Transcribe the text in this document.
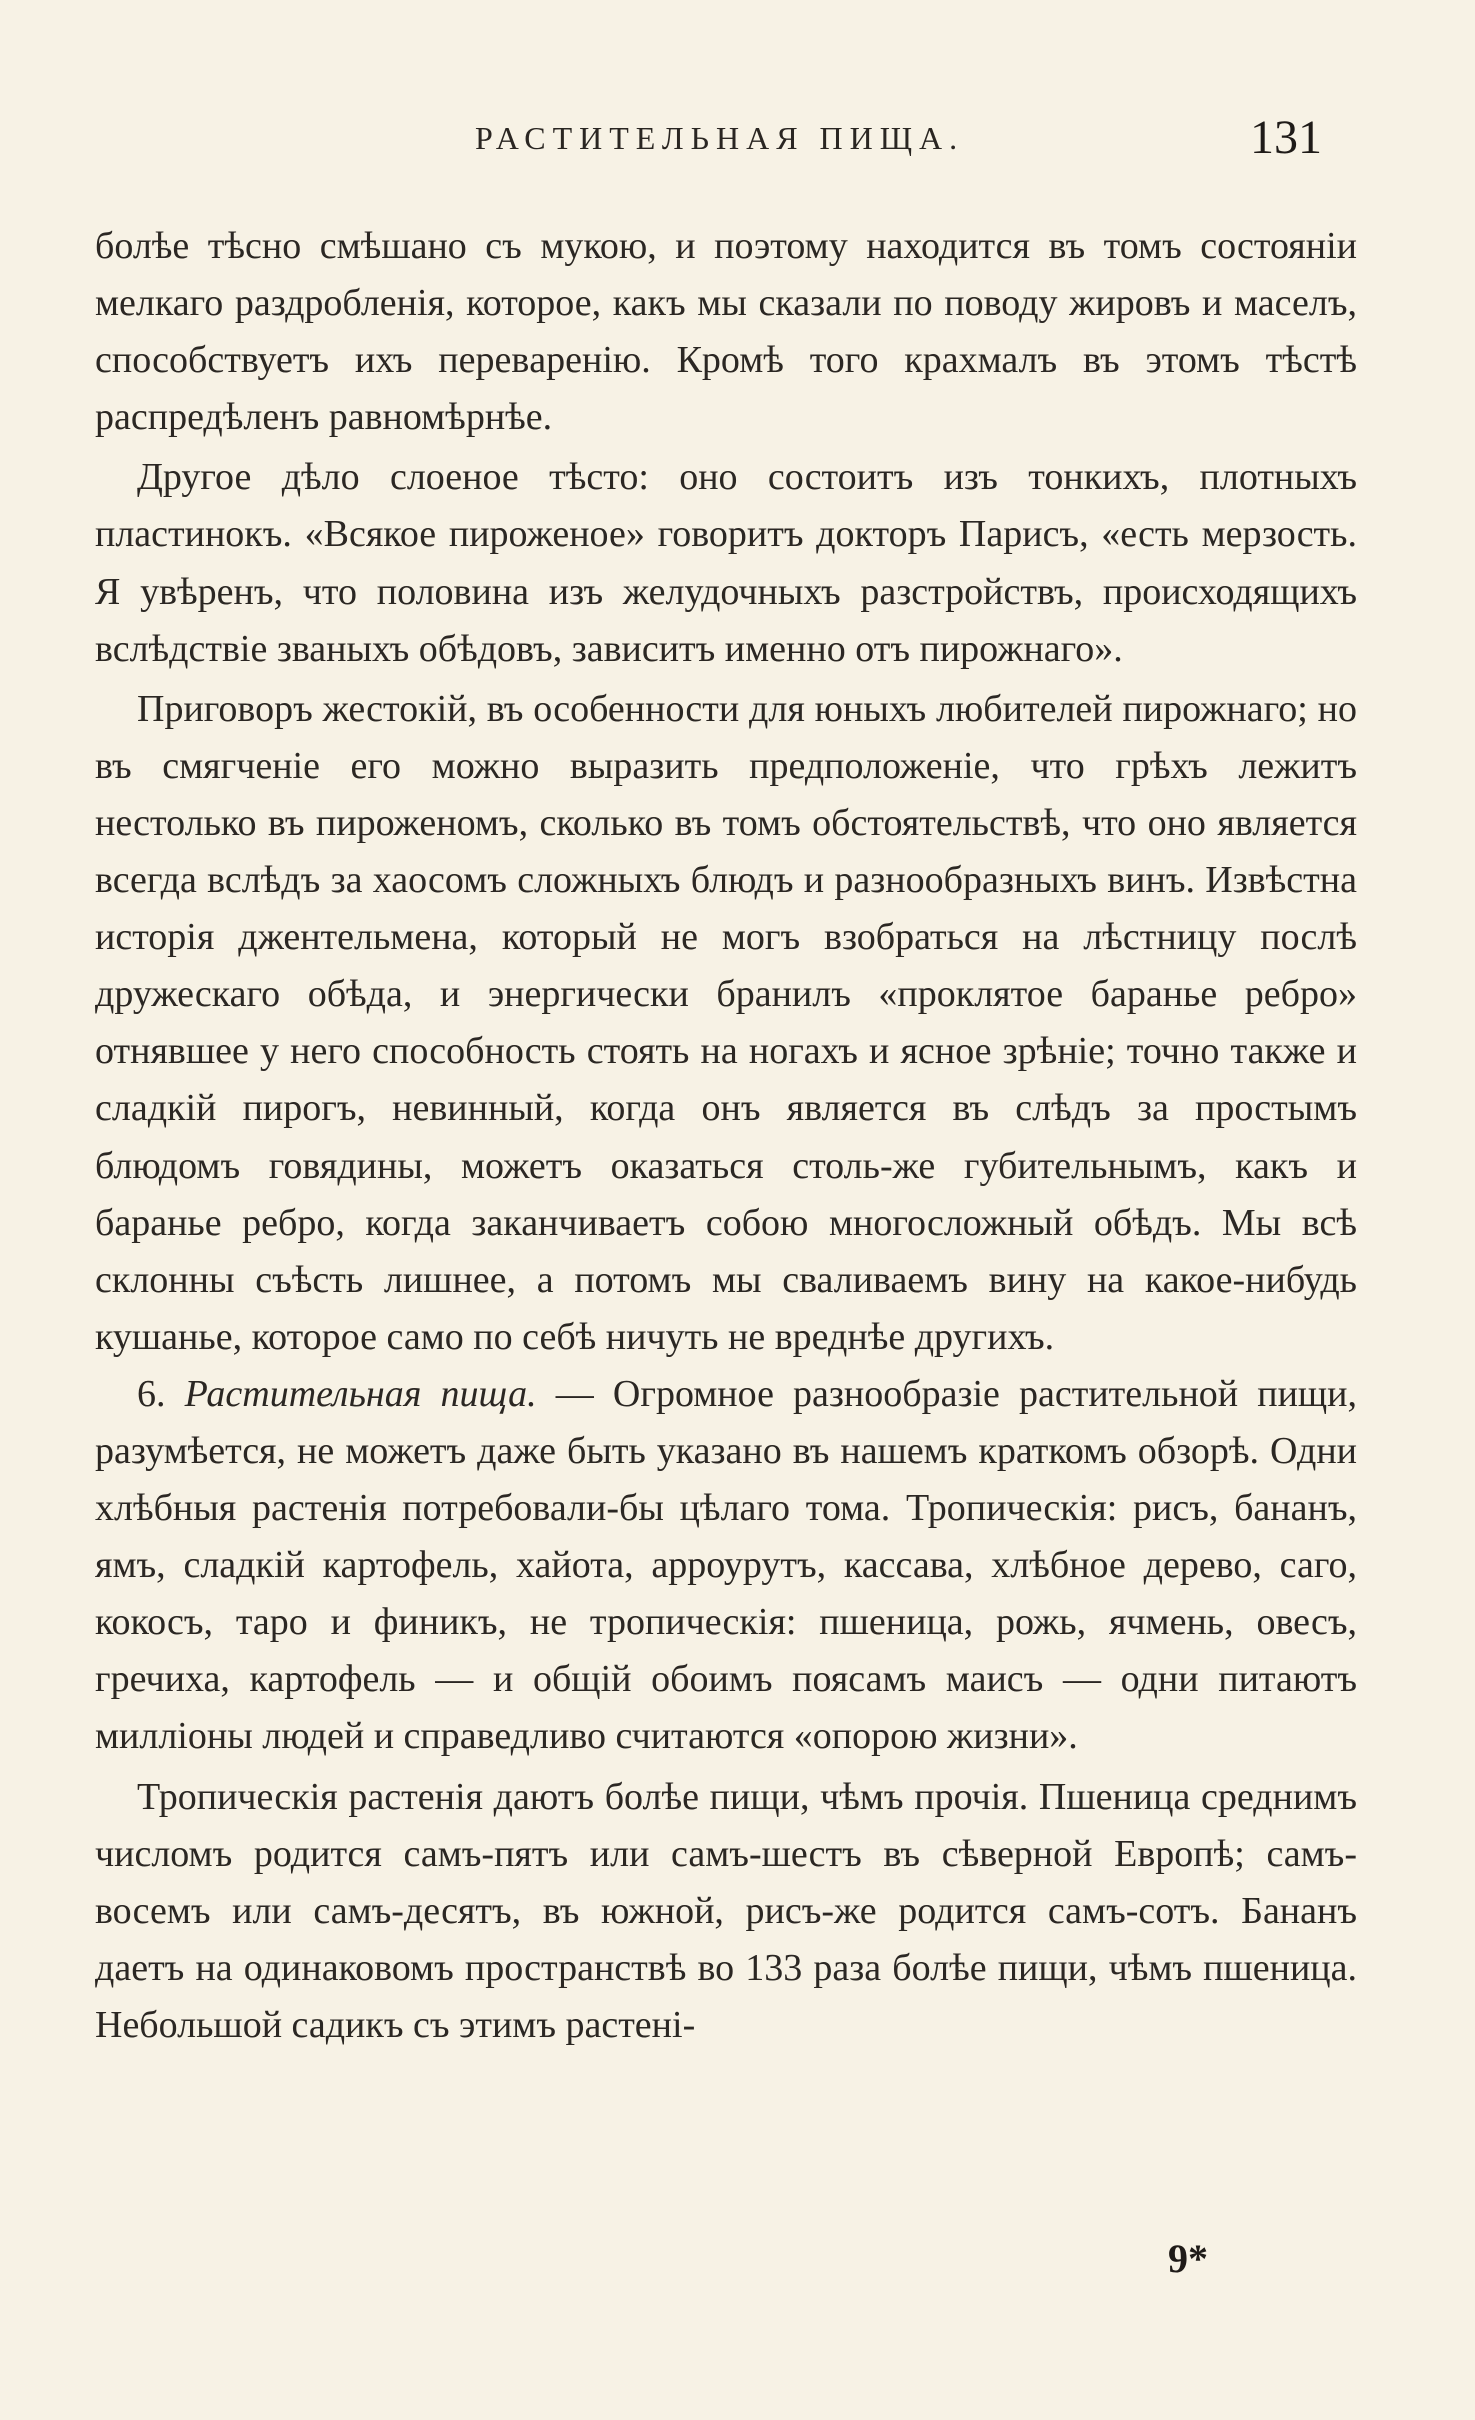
РАСТИТЕЛЬНАЯ ПИЩА.	131

болѣе тѣсно смѣшано съ мукою, и поэтому находится въ томъ состояніи мелкаго раздробленія, которое, какъ мы сказали по поводу жировъ и маселъ, способствуетъ ихъ перевaренію. Кромѣ того крахмалъ въ этомъ тѣстѣ распредѣленъ равномѣрнѣе.

Другое дѣло слоеное тѣсто: оно состоитъ изъ тонкихъ, плотныхъ пластинокъ. «Всякое пироженое» говоритъ докторъ Парисъ, «есть мерзость. Я увѣренъ, что половина изъ желудочныхъ разстройствъ, происходящихъ вслѣдствіе званыхъ обѣдовъ, зависитъ именно отъ пирожнаго».

Приговоръ жестокій, въ особенности для юныхъ любителей пирожнаго; но въ смягченіе его можно выразить предположеніе, что грѣхъ лежитъ нестолько въ пироженомъ, сколько въ томъ обстоятельствѣ, что оно является всегда вслѣдъ за хаосомъ сложныхъ блюдъ и разнообразныхъ винъ. Извѣстна исторія джентельмена, который не могъ взобраться на лѣстницу послѣ дружескаго обѣда, и энергически бранилъ «проклятое баранье ребро» отнявшее у него способность стоять на ногахъ и ясное зрѣніе; точно также и сладкій пирогъ, невинный, когда онъ является въ слѣдъ за простымъ блюдомъ говядины, можетъ оказаться столь-же губительнымъ, какъ и баранье ребро, когда заканчиваетъ собою многосложный обѣдъ. Мы всѣ склонны съѣсть лишнее, а потомъ мы сваливаемъ вину на какое-нибудь кушанье, которое само по себѣ ничуть не вреднѣе другихъ.

6. Растительная пища. — Огромное разнообразіе растительной пищи, разумѣется, не можетъ даже быть указано въ нашемъ краткомъ обзорѣ. Одни хлѣбныя растенія потребовали-бы цѣлаго тома. Тропическія: рисъ, бананъ, ямъ, сладкій картофель, хайота, арроурутъ, кассава, хлѣбное дерево, саго, кокосъ, таро и финикъ, не тропическія: пшеница, рожь, ячмень, овесъ, гречиха, картофель — и общій обоимъ поясамъ маисъ — одни питаютъ милліоны людей и справедливо считаются «опорою жизни».

Тропическія растенія даютъ болѣе пищи, чѣмъ прочія. Пшеница среднимъ числомъ родится самъ-пятъ или самъ-шестъ въ сѣверной Европѣ; самъ-восемъ или самъ-десятъ, въ южной, рисъ-же родится самъ-сотъ. Бананъ даетъ на одинаковомъ пространствѣ во 133 раза болѣе пищи, чѣмъ пшеница. Небольшой садикъ съ этимъ растені-

9*
